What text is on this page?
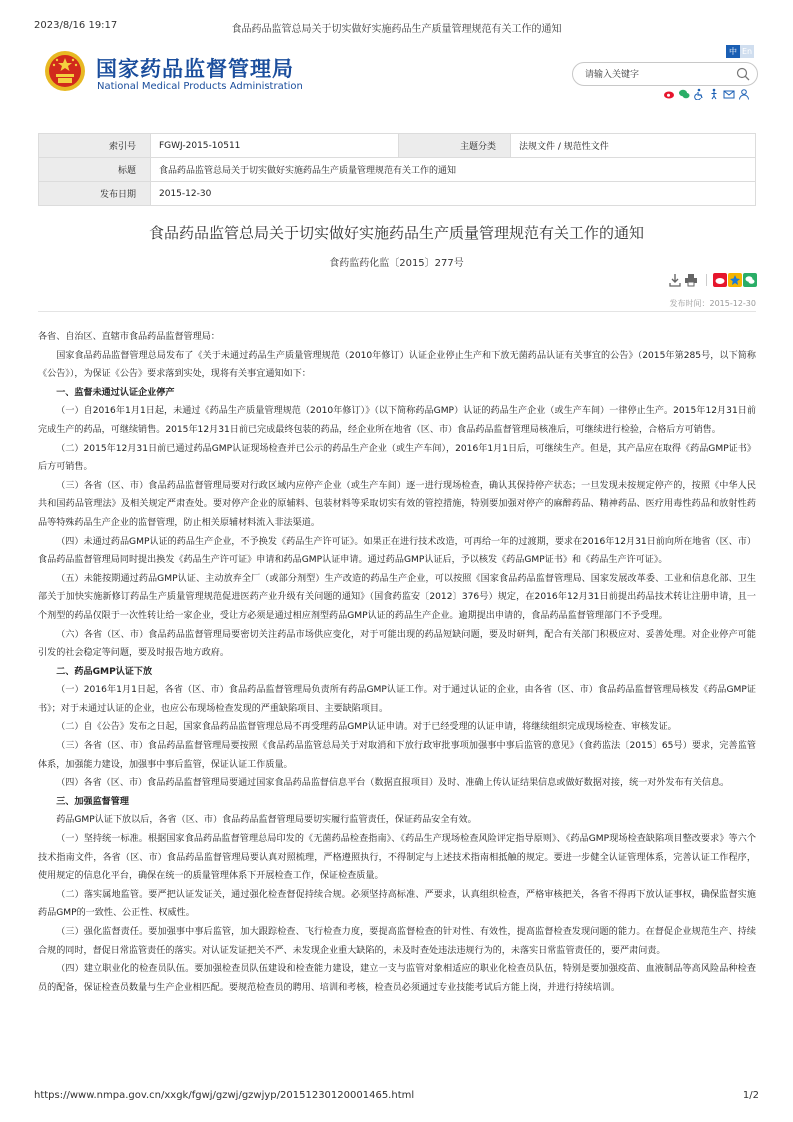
2023/8/16 19:17	食品药品监管总局关于切实做好实施药品生产质量管理规范有关工作的通知
国家药品监督管理局
National Medical Products Administration
中 En
请输入关键字
索引号	FGWJ-2015-10511	主题分类	法规文件 / 规范性文件
标题	食品药品监管总局关于切实做好实施药品生产质量管理规范有关工作的通知		
发布日期	2015-12-30		
食品药品监管总局关于切实做好实施药品生产质量管理规范有关工作的通知
食药监药化监〔2015〕277号
发布时间：2015-12-30

各省、自治区、直辖市食品药品监督管理局：

国家食品药品监督管理总局发布了《关于未通过药品生产质量管理规范（2010年修订）认证企业停止生产和下放无菌药品认证有关事宜的公告》（2015年第285号，以下简称《公告》），为保证《公告》要求落到实处，现将有关事宜通知如下：

一、监督未通过认证企业停产

（一）自2016年1月1日起，未通过《药品生产质量管理规范（2010年修订）》（以下简称药品GMP）认证的药品生产企业（或生产车间）一律停止生产。2015年12月31日前完成生产的药品，可继续销售。2015年12月31日前已完成最终包装的药品，经企业所在地省（区、市）食品药品监督管理局核准后，可继续进行检验，合格后方可销售。

（二）2015年12月31日前已通过药品GMP认证现场检查并已公示的药品生产企业（或生产车间），2016年1月1日后，可继续生产。但是，其产品应在取得《药品GMP证书》后方可销售。

（三）各省（区、市）食品药品监督管理局要对行政区域内应停产企业（或生产车间）逐一进行现场检查，确认其保持停产状态；一旦发现未按规定停产的，按照《中华人民共和国药品管理法》及相关规定严肃查处。要对停产企业的原辅料、包装材料等采取切实有效的管控措施，特别要加强对停产的麻醉药品、精神药品、医疗用毒性药品和放射性药品等特殊药品生产企业的监督管理，防止相关原辅材料流入非法渠道。

（四）未通过药品GMP认证的药品生产企业，不予换发《药品生产许可证》。如果正在进行技术改造，可再给一年的过渡期，要求在2016年12月31日前向所在地省（区、市）食品药品监督管理局同时提出换发《药品生产许可证》申请和药品GMP认证申请。通过药品GMP认证后，予以核发《药品GMP证书》和《药品生产许可证》。

（五）未能按期通过药品GMP认证、主动放弃全厂（或部分剂型）生产改造的药品生产企业，可以按照《国家食品药品监督管理局、国家发展改革委、工业和信息化部、卫生部关于加快实施新修订药品生产质量管理规范促进医药产业升级有关问题的通知》（国食药监安〔2012〕376号）规定，在2016年12月31日前提出药品技术转让注册申请，且一个剂型的药品仅限于一次性转让给一家企业，受让方必须是通过相应剂型药品GMP认证的药品生产企业。逾期提出申请的，食品药品监督管理部门不予受理。

（六）各省（区、市）食品药品监督管理局要密切关注药品市场供应变化，对于可能出现的药品短缺问题，要及时研判，配合有关部门积极应对、妥善处理。对企业停产可能引发的社会稳定等问题，要及时报告地方政府。

二、药品GMP认证下放

（一）2016年1月1日起，各省（区、市）食品药品监督管理局负责所有药品GMP认证工作。对于通过认证的企业，由各省（区、市）食品药品监督管理局核发《药品GMP证书》；对于未通过认证的企业，也应公布现场检查发现的严重缺陷项目、主要缺陷项目。

（二）自《公告》发布之日起，国家食品药品监督管理总局不再受理药品GMP认证申请。对于已经受理的认证申请，将继续组织完成现场检查、审核发证。

（三）各省（区、市）食品药品监督管理局要按照《食品药品监管总局关于对取消和下放行政审批事项加强事中事后监管的意见》（食药监法〔2015〕65号）要求，完善监管体系，加强能力建设，加强事中事后监管，保证认证工作质量。

（四）各省（区、市）食品药品监督管理局要通过国家食品药品监督信息平台（数据直报项目）及时、准确上传认证结果信息或做好数据对接，统一对外发布有关信息。

三、加强监督管理

药品GMP认证下放以后，各省（区、市）食品药品监督管理局要切实履行监管责任，保证药品安全有效。

（一）坚持统一标准。根据国家食品药品监督管理总局印发的《无菌药品检查指南》、《药品生产现场检查风险评定指导原则》、《药品GMP现场检查缺陷项目整改要求》等六个技术指南文件，各省（区、市）食品药品监督管理局要认真对照梳理，严格遵照执行，不得制定与上述技术指南相抵触的规定。要进一步健全认证管理体系，完善认证工作程序，使用规定的信息化平台，确保在统一的质量管理体系下开展检查工作，保证检查质量。

（二）落实属地监管。要严把认证发证关，通过强化检查督促持续合规。必须坚持高标准、严要求，认真组织检查，严格审核把关，各省不得再下放认证事权，确保监督实施药品GMP的一致性、公正性、权威性。

（三）强化监督责任。要加强事中事后监管，加大跟踪检查、飞行检查力度，要提高监督检查的针对性、有效性，提高监督检查发现问题的能力。在督促企业规范生产、持续合规的同时，督促日常监管责任的落实。对认证发证把关不严、未发现企业重大缺陷的，未及时查处违法违规行为的，未落实日常监管责任的，要严肃问责。

（四）建立职业化的检查员队伍。要加强检查员队伍建设和检查能力建设，建立一支与监管对象相适应的职业化检查员队伍，特别是要加强疫苗、血液制品等高风险品种检查员的配备，保证检查员数量与生产企业相匹配。要规范检查员的聘用、培训和考核，检查员必须通过专业技能考试后方能上岗，并进行持续培训。

https://www.nmpa.gov.cn/xxgk/fgwj/gzwj/gzwjyp/20151230120001465.html	1/2
